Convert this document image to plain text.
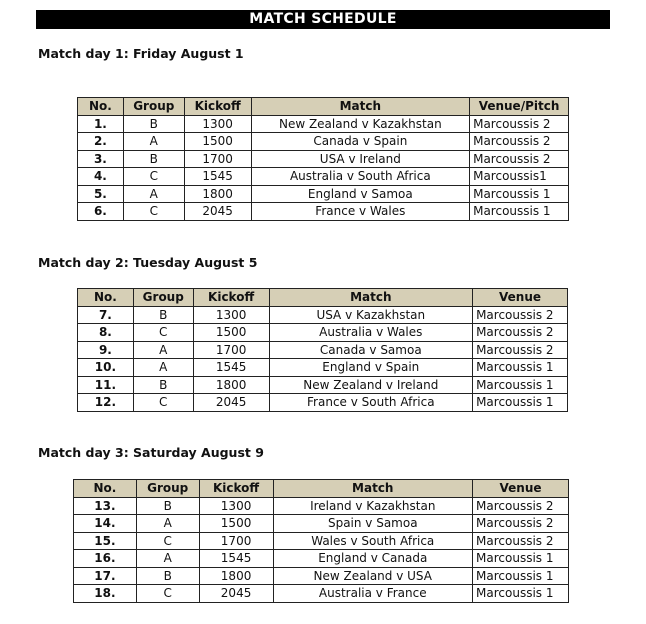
MATCH SCHEDULE
Match day 1: Friday August 1
No.	Group	Kickoff	Match	Venue/Pitch
1.	B	1300	New Zealand v Kazakhstan	Marcoussis 2
2.	A	1500	Canada v Spain	Marcoussis 2
3.	B	1700	USA v Ireland	Marcoussis 2
4.	C	1545	Australia v South Africa	Marcoussis1
5.	A	1800	England v Samoa	Marcoussis 1
6.	C	2045	France v Wales	Marcoussis 1
Match day 2: Tuesday August 5
No.	Group	Kickoff	Match	Venue
7.	B	1300	USA v Kazakhstan	Marcoussis 2
8.	C	1500	Australia v Wales	Marcoussis 2
9.	A	1700	Canada v Samoa	Marcoussis 2
10.	A	1545	England v Spain	Marcoussis 1
11.	B	1800	New Zealand v Ireland	Marcoussis 1
12.	C	2045	France v South Africa	Marcoussis 1
Match day 3: Saturday August 9
No.	Group	Kickoff	Match	Venue
13.	B	1300	Ireland v Kazakhstan	Marcoussis 2
14.	A	1500	Spain v Samoa	Marcoussis 2
15.	C	1700	Wales v South Africa	Marcoussis 2
16.	A	1545	England v Canada	Marcoussis 1
17.	B	1800	New Zealand v USA	Marcoussis 1
18.	C	2045	Australia v France	Marcoussis 1
